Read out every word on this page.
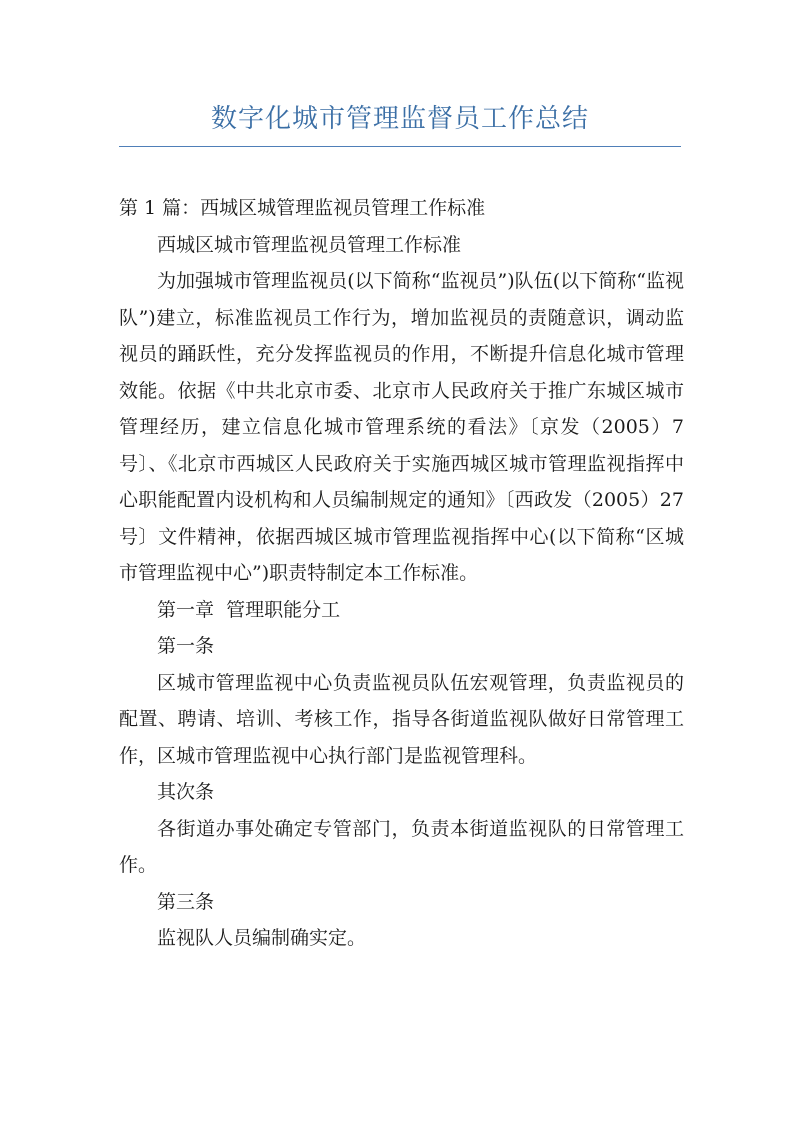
数字化城市管理监督员工作总结

第 1 篇：西城区城管理监视员管理工作标准

西城区城市管理监视员管理工作标准

为加强城市管理监视员(以下简称“监视员”)队伍(以下简称“监视队”)建立，标准监视员工作行为，增加监视员的责随意识，调动监视员的踊跃性，充分发挥监视员的作用，不断提升信息化城市管理效能。依据《中共北京市委、北京市人民政府关于推广东城区城市管理经历，建立信息化城市管理系统的看法》〔京发（2005）7 号〕、《北京市西城区人民政府关于实施西城区城市管理监视指挥中心职能配置内设机构和人员编制规定的通知》〔西政发（2005）27 号〕文件精神，依据西城区城市管理监视指挥中心(以下简称“区城市管理监视中心”)职责特制定本工作标准。

第一章  管理职能分工

第一条

区城市管理监视中心负责监视员队伍宏观管理，负责监视员的配置、聘请、培训、考核工作，指导各街道监视队做好日常管理工作，区城市管理监视中心执行部门是监视管理科。

其次条

各街道办事处确定专管部门，负责本街道监视队的日常管理工作。

第三条

监视队人员编制确实定。
